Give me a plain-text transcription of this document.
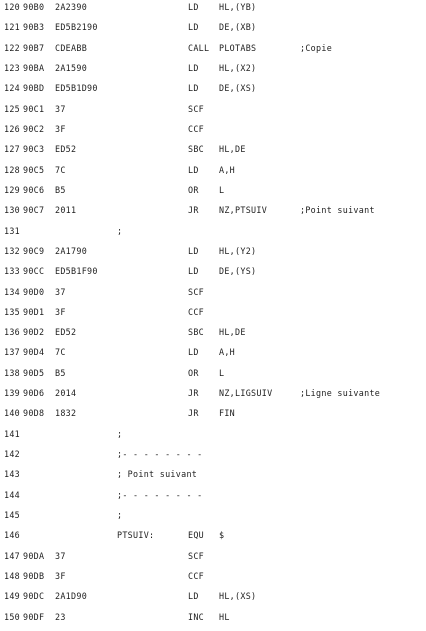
120 90B0 2A2390	LD HL,(YB)
121 90B3 ED5B2190	LD DE,(XB)
122 90B7 CDEABB	CALL PLOTABS	;Copie
123 90BA 2A1590	LD HL,(X2)
124 90BD ED5B1D90	LD DE,(XS)
125 90C1 37	SCF
126 90C2 3F	CCF
127 90C3 ED52	SBC HL,DE
128 90C5 7C	LD A,H
129 90C6 B5	OR L
130 90C7 2011	JR NZ,PTSUIV	;Point suivant
131	;
132 90C9 2A1790	LD HL,(Y2)
133 90CC ED5B1F90	LD DE,(YS)
134 90D0 37	SCF
135 90D1 3F	CCF
136 90D2 ED52	SBC HL,DE
137 90D4 7C	LD A,H
138 90D5 B5	OR L
139 90D6 2014	JR NZ,LIGSUIV	;Ligne suivante
140 90D8 1832	JR FIN
141	;
142	;- - - - - - - -
143	; Point suivant
144	;- - - - - - - -
145	;
146	PTSUIV:	EQU $
147 90DA 37	SCF
148 90DB 3F	CCF
149 90DC 2A1D90	LD HL,(XS)
150 90DF 23	INC HL
